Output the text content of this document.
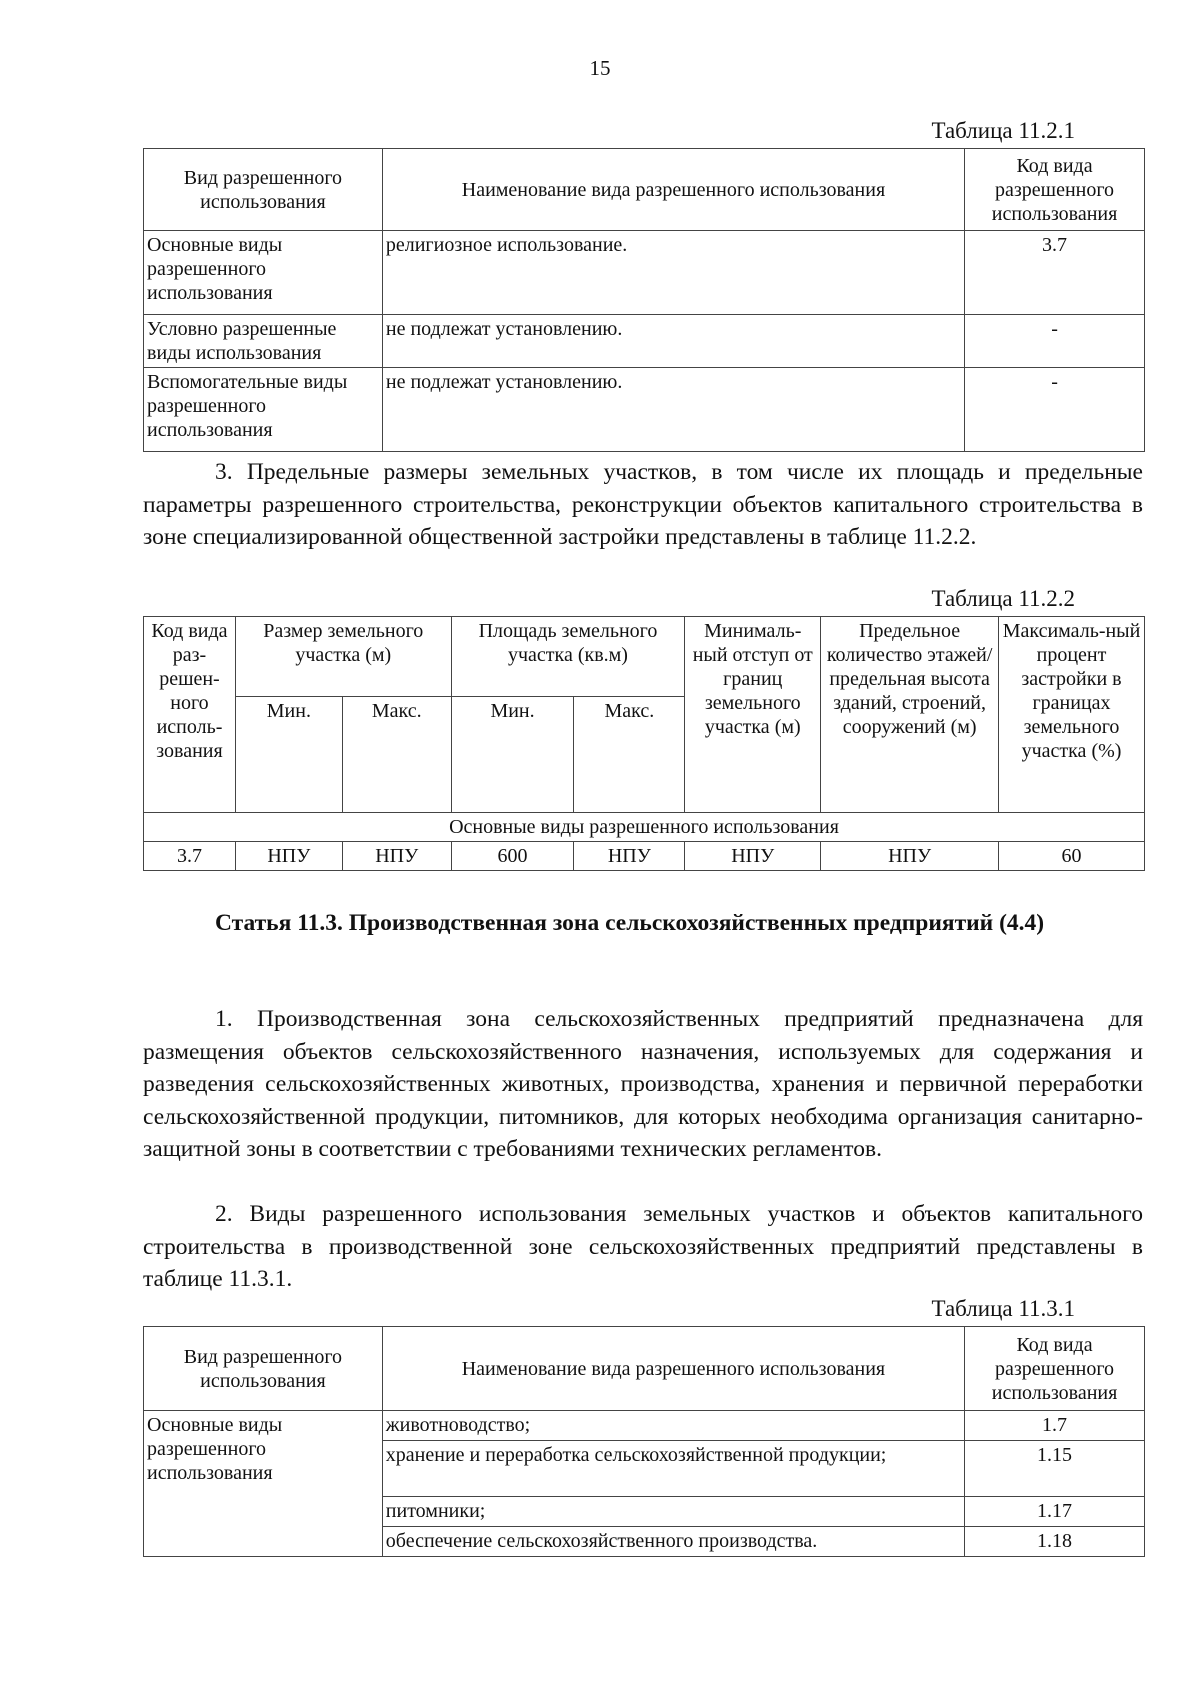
15
Таблица 11.2.1
Вид разрешенного использования	Наименование вида разрешенного использования	Код вида разрешенного использования
Основные виды разрешенного использования	религиозное использование.	3.7
Условно разрешенные виды использования	не подлежат установлению.	-
Вспомогательные виды разрешенного использования	не подлежат установлению.	-

3. Предельные размеры земельных участков, в том числе их площадь и предельные параметры разрешенного строительства, реконструкции объектов капитального строительства в зоне специализированной общественной застройки представлены в таблице 11.2.2.

Таблица 11.2.2
Код вида раз-решен-ного исполь-зования	Размер земельного участка (м)		Площадь земельного участка (кв.м)		Минималь-ный отступ от границ земельного участка (м)	Предельное количество этажей/ предельная высота зданий, строений, сооружений (м)	Максималь-ный процент застройки в границах земельного участка (%)
	Мин.	Макс.	Мин.	Макс.			
Основные виды разрешенного использования							
3.7	НПУ	НПУ	600	НПУ	НПУ	НПУ	60

Статья 11.3. Производственная зона сельскохозяйственных предприятий (4.4)

1. Производственная зона сельскохозяйственных предприятий предназначена для размещения объектов сельскохозяйственного назначения, используемых для содержания и разведения сельскохозяйственных животных, производства, хранения и первичной переработки сельскохозяйственной продукции, питомников, для которых необходима организация санитарно-защитной зоны в соответствии с требованиями технических регламентов.

2. Виды разрешенного использования земельных участков и объектов капитального строительства в производственной зоне сельскохозяйственных предприятий представлены в таблице 11.3.1.

Таблица 11.3.1
Вид разрешенного использования	Наименование вида разрешенного использования	Код вида разрешенного использования
Основные виды разрешенного использования	животноводство;	1.7
	хранение и переработка сельскохозяйственной продукции;	1.15
	питомники;	1.17
	обеспечение сельскохозяйственного производства.	1.18
